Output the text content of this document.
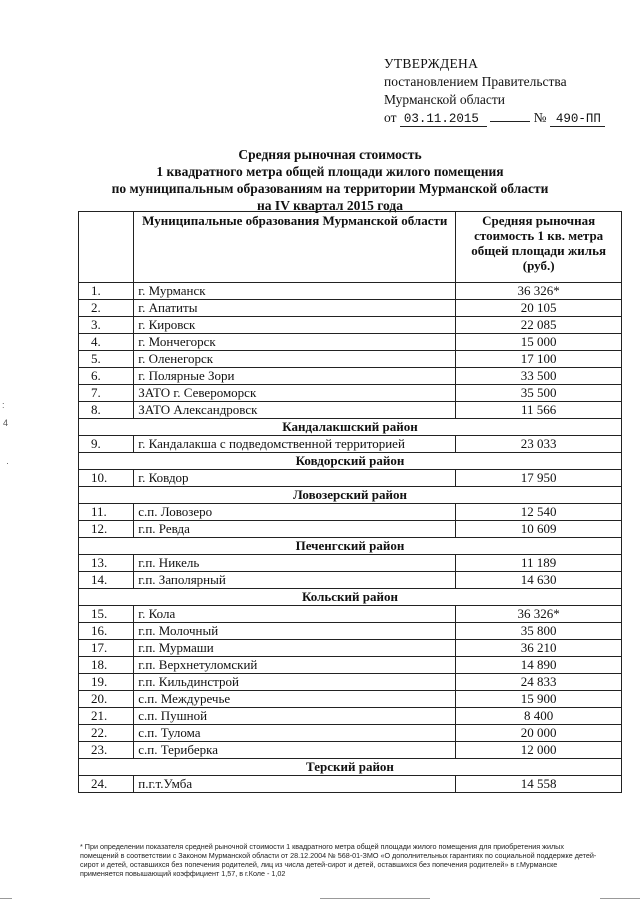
:
4
·
УТВЕРЖДЕНА
постановлением Правительства
Мурманской области
от 03.11.2015	№ 490-ПП
Средняя рыночная стоимость
1 квадратного метра общей площади жилого помещения
по муниципальным образованиям на территории Мурманской области
на IV квартал 2015 года
	Муниципальные образования Мурманской области	Средняя рыночная стоимость 1 кв. метра общей площади жилья (руб.)
1.	г. Мурманск	36 326*
2.	г. Апатиты	20 105
3.	г. Кировск	22 085
4.	г. Мончегорск	15 000
5.	г. Оленегорск	17 100
6.	г. Полярные Зори	33 500
7.	ЗАТО г. Североморск	35 500
8.	ЗАТО Александровск	11 566
Кандалакшский район		
9.	г. Кандалакша с подведомственной территорией	23 033
Ковдорский район		
10.	г. Ковдор	17 950
Ловозерский район		
11.	с.п. Ловозеро	12 540
12.	г.п. Ревда	10 609
Печенгский район		
13.	г.п. Никель	11 189
14.	г.п. Заполярный	14 630
Кольский район		
15.	г. Кола	36 326*
16.	г.п. Молочный	35 800
17.	г.п. Мурмаши	36 210
18.	г.п. Верхнетуломский	14 890
19.	г.п. Кильдинстрой	24 833
20.	с.п. Междуречье	15 900
21.	с.п. Пушной	8 400
22.	с.п. Тулома	20 000
23.	с.п. Териберка	12 000
Терский район		
24.	п.г.т.Умба	14 558
* При определении показателя средней рыночной стоимости 1 квадратного метра общей площади жилого помещения для приобретения жилых помещений в соответствии с Законом Мурманской области от 28.12.2004 № 568-01-ЗМО «О дополнительных гарантиях по социальной поддержке детей-сирот и детей, оставшихся без попечения родителей, лиц из числа детей-сирот и детей, оставшихся без попечения родителей» в г.Мурманске применяется повышающий коэффициент 1,57, в г.Коле - 1,02
